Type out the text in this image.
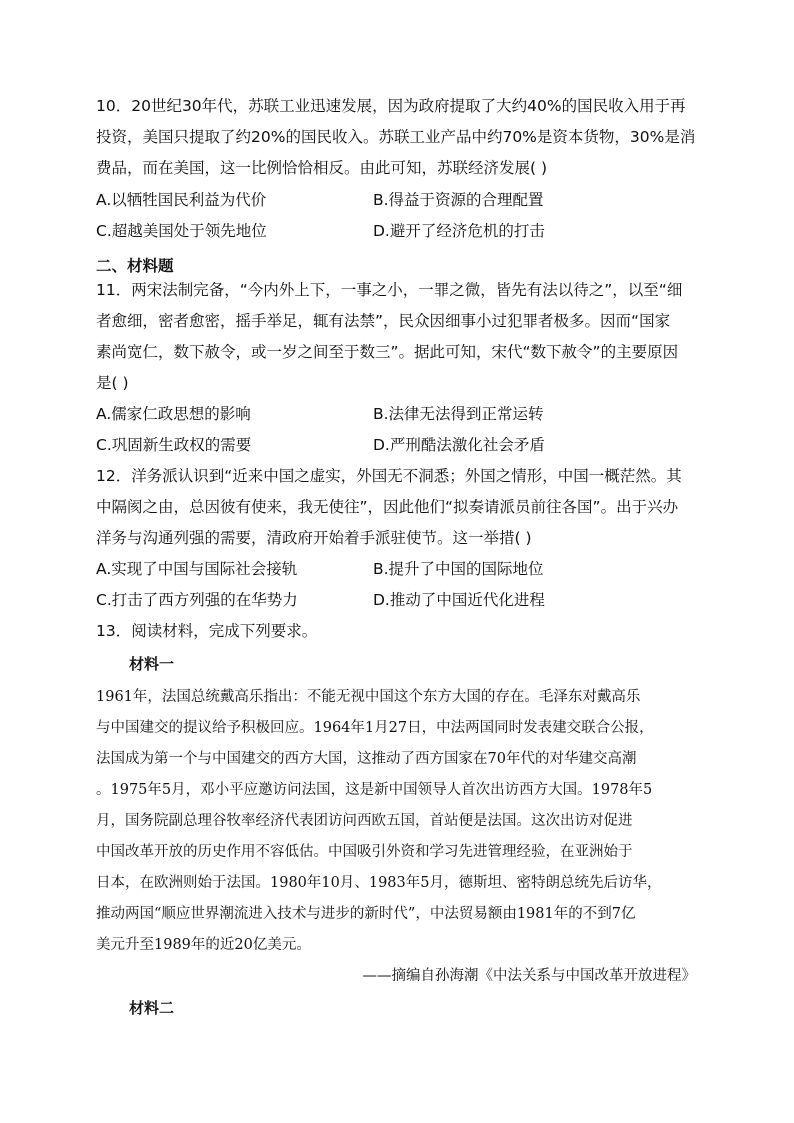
10．20世纪30年代，苏联工业迅速发展，因为政府提取了大约40%的国民收入用于再
投资，美国只提取了约20%的国民收入。苏联工业产品中约70%是资本货物，30%是消
费品，而在美国，这一比例恰恰相反。由此可知，苏联经济发展( )
A.以牺牲国民利益为代价	B.得益于资源的合理配置
C.超越美国处于领先地位	D.避开了经济危机的打击
二、材料题
11．两宋法制完备，“今内外上下，一事之小，一罪之微，皆先有法以待之”，以至“细
者愈细，密者愈密，摇手举足，辄有法禁”，民众因细事小过犯罪者极多。因而“国家
素尚宽仁，数下赦令，或一岁之间至于数三”。据此可知，宋代“数下赦令”的主要原因
是( )
A.儒家仁政思想的影响	B.法律无法得到正常运转
C.巩固新生政权的需要	D.严刑酷法激化社会矛盾
12．洋务派认识到“近来中国之虚实，外国无不洞悉；外国之情形，中国一概茫然。其
中隔阂之由，总因彼有使来，我无使往”，因此他们“拟奏请派员前往各国”。出于兴办
洋务与沟通列强的需要，清政府开始着手派驻使节。这一举措( )
A.实现了中国与国际社会接轨	B.提升了中国的国际地位
C.打击了西方列强的在华势力	D.推动了中国近代化进程
13．阅读材料，完成下列要求。
材料一
1961年，法国总统戴高乐指出：不能无视中国这个东方大国的存在。毛泽东对戴高乐
与中国建交的提议给予积极回应。1964年1月27日，中法两国同时发表建交联合公报，
法国成为第一个与中国建交的西方大国，这推动了西方国家在70年代的对华建交高潮
。1975年5月，邓小平应邀访问法国，这是新中国领导人首次出访西方大国。1978年5
月，国务院副总理谷牧率经济代表团访问西欧五国，首站便是法国。这次出访对促进
中国改革开放的历史作用不容低估。中国吸引外资和学习先进管理经验，在亚洲始于
日本，在欧洲则始于法国。1980年10月、1983年5月，德斯坦、密特朗总统先后访华，
推动两国“顺应世界潮流进入技术与进步的新时代”，中法贸易额由1981年的不到7亿
美元升至1989年的近20亿美元。
——摘编自孙海潮《中法关系与中国改革开放进程》
材料二
